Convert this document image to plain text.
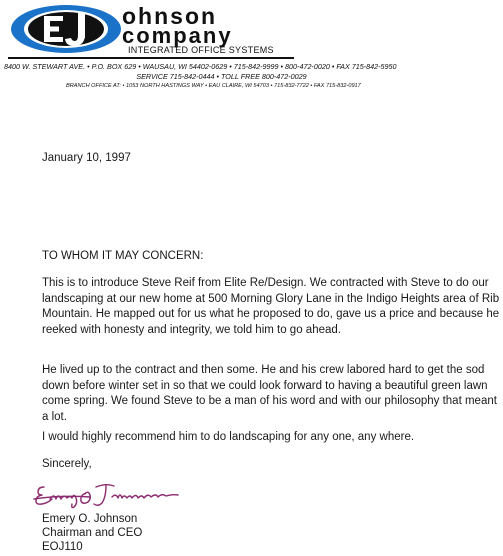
ohnson
company
INTEGRATED OFFICE SYSTEMS
8400 W. STEWART AVE. • P.O. BOX 629 • WAUSAU, WI 54402-0629 • 715-842-9999 • 800-472-0020 • FAX 715-842-5950
SERVICE 715-842-0444 • TOLL FREE 800-472-0029
BRANCH OFFICE AT: • 1053 NORTH HASTINGS WAY • EAU CLAIRE, WI 54703 • 715-832-7722 • FAX 715-832-0917
January 10, 1997
TO WHOM IT MAY CONCERN:
This is to introduce Steve Reif from Elite Re/Design. We contracted with Steve to do our landscaping at our new home at 500 Morning Glory Lane in the Indigo Heights area of Rib Mountain. He mapped out for us what he proposed to do, gave us a price and because he reeked with honesty and integrity, we told him to go ahead.
He lived up to the contract and then some. He and his crew labored hard to get the sod down before winter set in so that we could look forward to having a beautiful green lawn come spring. We found Steve to be a man of his word and with our philosophy that meant a lot.
I would highly recommend him to do landscaping for any one, any where.
Sincerely,
Emery O. Johnson
Chairman and CEO
EOJ110
